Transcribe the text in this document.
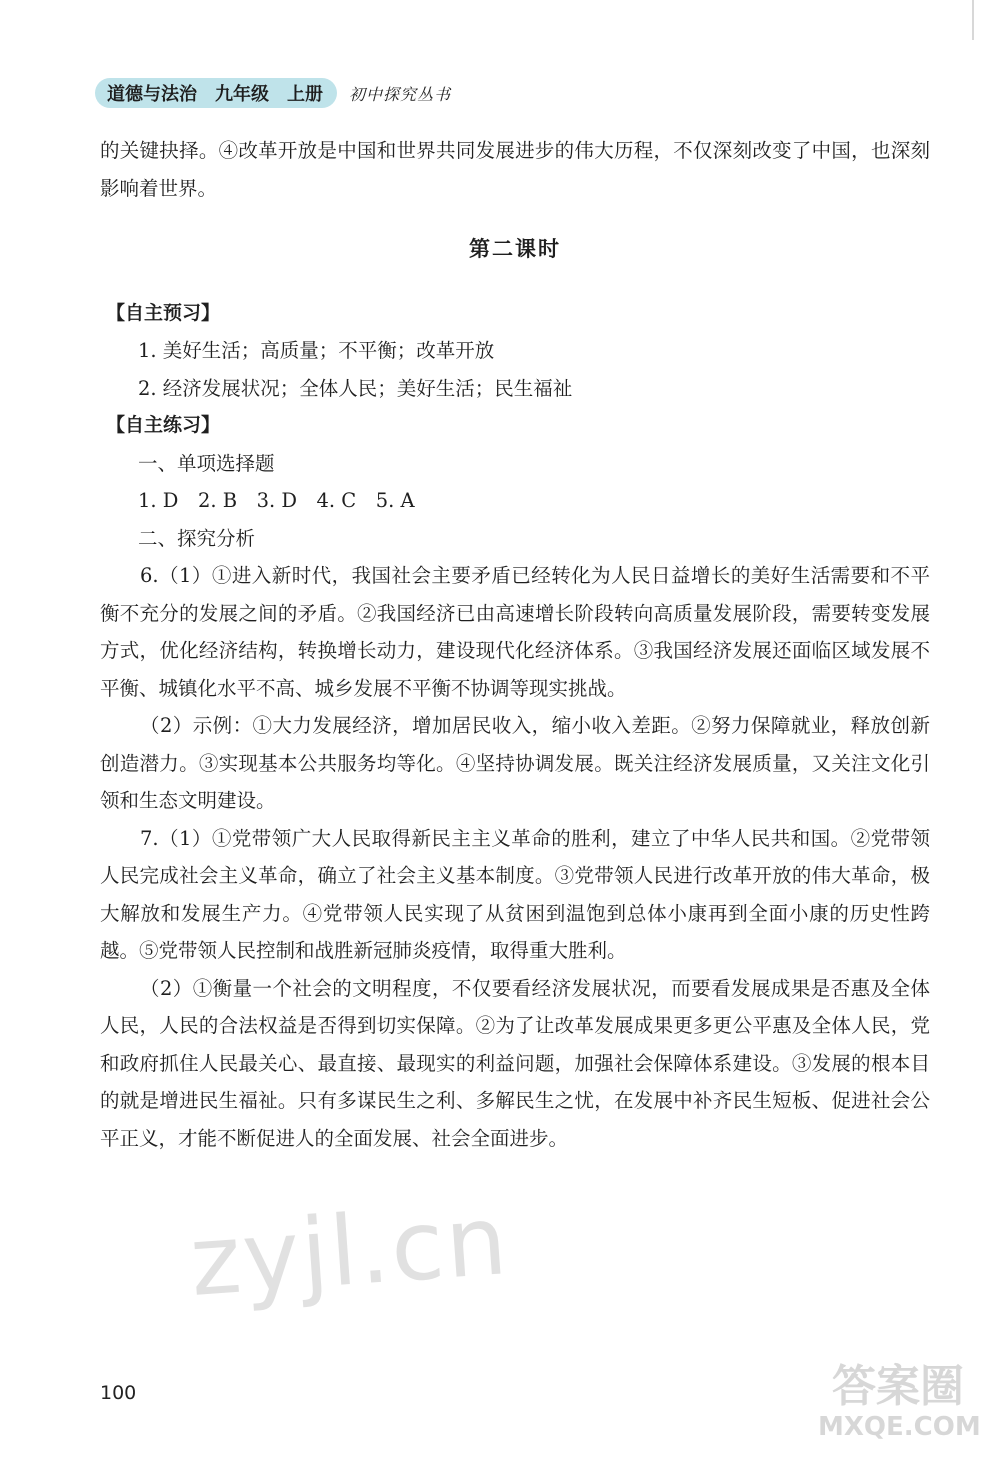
道德与法治 九年级 上册 初中探究丛书

的关键抉择。④改革开放是中国和世界共同发展进步的伟大历程，不仅深刻改变了中国，也深刻影响着世界。

第二课时

【自主预习】

1. 美好生活；高质量；不平衡；改革开放

2. 经济发展状况；全体人民；美好生活；民生福祉

【自主练习】

一、单项选择题

1. D　2. B　3. D　4. C　5. A

二、探究分析

6.（1）①进入新时代，我国社会主要矛盾已经转化为人民日益增长的美好生活需要和不平衡不充分的发展之间的矛盾。②我国经济已由高速增长阶段转向高质量发展阶段，需要转变发展方式，优化经济结构，转换增长动力，建设现代化经济体系。③我国经济发展还面临区域发展不平衡、城镇化水平不高、城乡发展不平衡不协调等现实挑战。

（2）示例：①大力发展经济，增加居民收入，缩小收入差距。②努力保障就业，释放创新创造潜力。③实现基本公共服务均等化。④坚持协调发展。既关注经济发展质量，又关注文化引领和生态文明建设。

7.（1）①党带领广大人民取得新民主主义革命的胜利，建立了中华人民共和国。②党带领人民完成社会主义革命，确立了社会主义基本制度。③党带领人民进行改革开放的伟大革命，极大解放和发展生产力。④党带领人民实现了从贫困到温饱到总体小康再到全面小康的历史性跨越。⑤党带领人民控制和战胜新冠肺炎疫情，取得重大胜利。

（2）①衡量一个社会的文明程度，不仅要看经济发展状况，而要看发展成果是否惠及全体人民，人民的合法权益是否得到切实保障。②为了让改革发展成果更多更公平惠及全体人民，党和政府抓住人民最关心、最直接、最现实的利益问题，加强社会保障体系建设。③发展的根本目的就是增进民生福祉。只有多谋民生之利、多解民生之忧，在发展中补齐民生短板、促进社会公平正义，才能不断促进人的全面发展、社会全面进步。

zyjl.cn
100	答案圈
MXQE.COM
